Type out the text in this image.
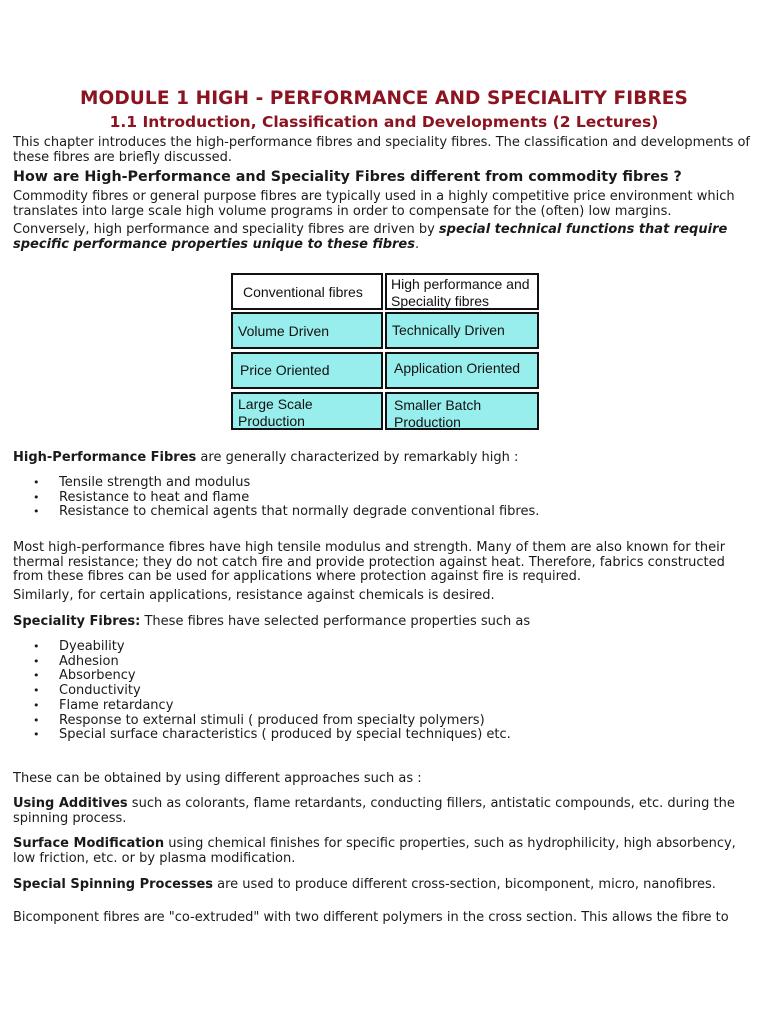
MODULE 1 HIGH - PERFORMANCE AND SPECIALITY FIBRES
1.1 Introduction, Classification and Developments (2 Lectures)
This chapter introduces the high-performance fibres and speciality fibres. The classification and developments of these fibres are briefly discussed.
How are High-Performance and Speciality Fibres different from commodity fibres ?
Commodity fibres or general purpose fibres are typically used in a highly competitive price environment which translates into large scale high volume programs in order to compensate for the (often) low margins.
Conversely, high performance and speciality fibres are driven by special technical functions that require specific performance properties unique to these fibres.
Conventional fibres High performance and Speciality fibres
Volume Driven	Technically Driven
Price Oriented	Application Oriented
Large Scale Production
Smaller Batch Production
High-Performance Fibres are generally characterized by remarkably high :
• Tensile strength and modulus
• Resistance to heat and flame
• Resistance to chemical agents that normally degrade conventional fibres.
Most high-performance fibres have high tensile modulus and strength. Many of them are also known for their thermal resistance; they do not catch fire and provide protection against heat. Therefore, fabrics constructed from these fibres can be used for applications where protection against fire is required.
Similarly, for certain applications, resistance against chemicals is desired.
Speciality Fibres: These fibres have selected performance properties such as
• Dyeability
• Adhesion
• Absorbency
• Conductivity
• Flame retardancy
• Response to external stimuli ( produced from specialty polymers)
• Special surface characteristics ( produced by special techniques) etc.
These can be obtained by using different approaches such as :
Using Additives such as colorants, flame retardants, conducting fillers, antistatic compounds, etc. during the spinning process.
Surface Modification using chemical finishes for specific properties, such as hydrophilicity, high absorbency, low friction, etc. or by plasma modification.
Special Spinning Processes are used to produce different cross-section, bicomponent, micro, nanofibres.
Bicomponent fibres are "co-extruded" with two different polymers in the cross section. This allows the fibre to
